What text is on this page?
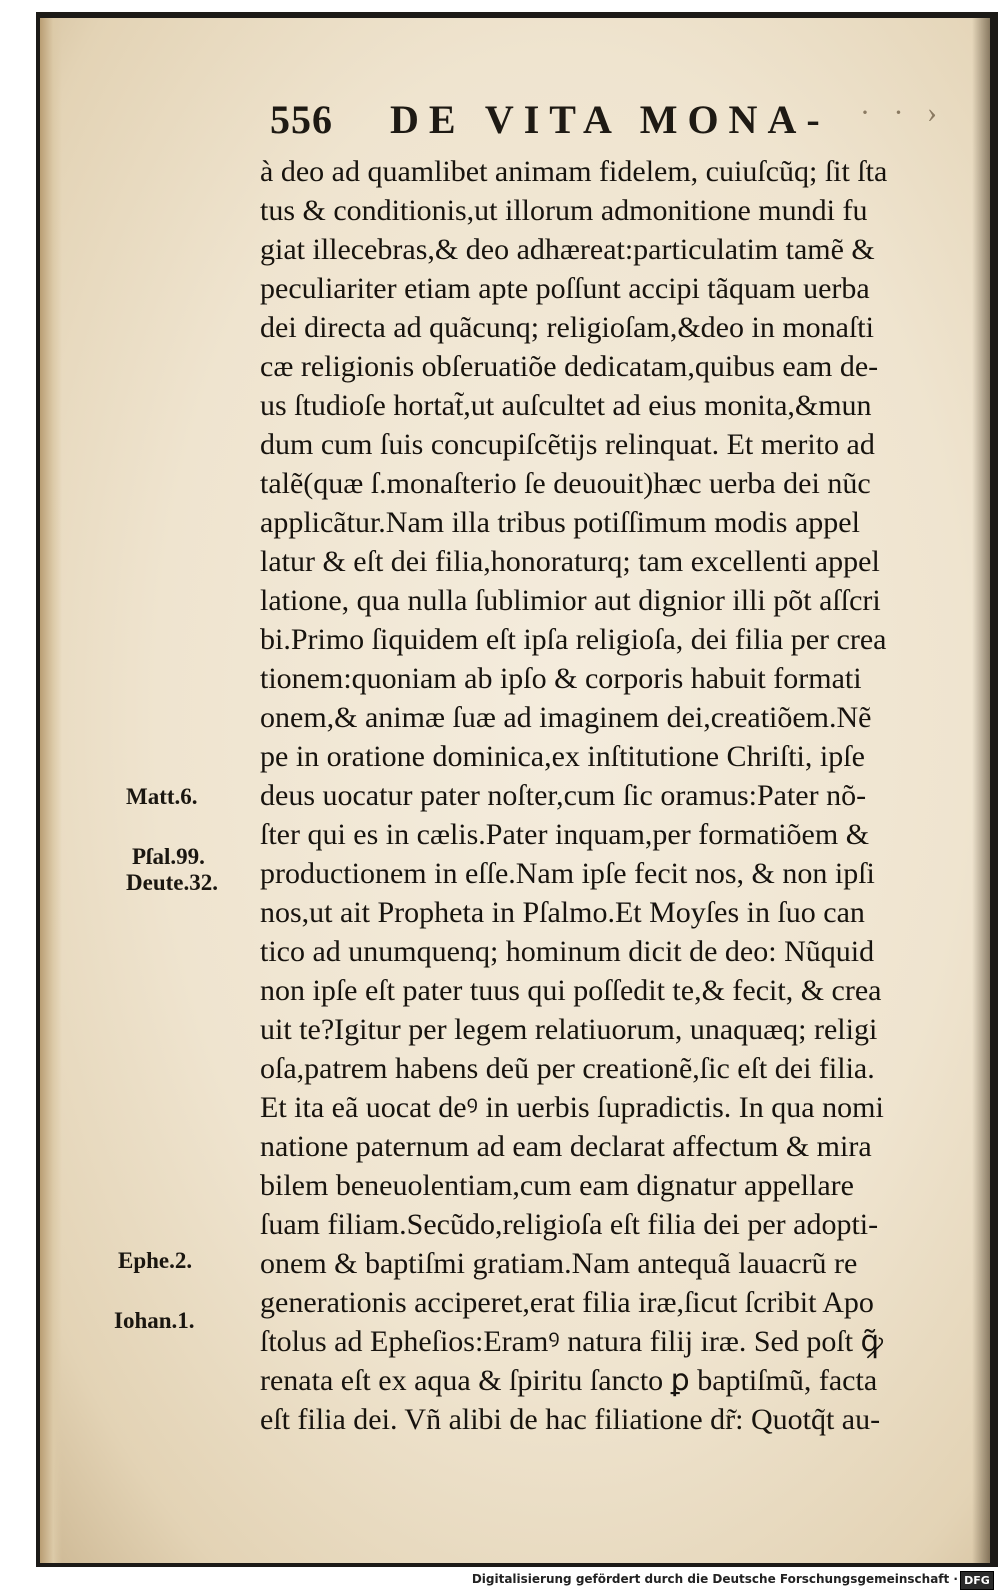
556 DE VITA MONA- · · ›
Matt.6.
Pſal.99.
Deute.32.
Ephe.2.
Iohan.1.
à deo ad quamlibet animam fidelem, cuiuſcũq; ſit ſta
tus & conditionis,ut illorum admonitione mundi fu
giat illecebras,& deo adhæreat:particulatim tamẽ &
peculiariter etiam apte poſſunt accipi tãquam uerba
dei directa ad quãcunq; religioſam,&deo in monaſti
cæ religionis obſeruatiõe dedicatam,quibus eam de-
us ſtudioſe hortat̃,ut auſcultet ad eius monita,&mun
dum cum ſuis concupiſcẽtijs relinquat. Et merito ad
talẽ(quæ ſ.monaſterio ſe deuouit)hæc uerba dei nũc
applicãtur.Nam illa tribus potiſſimum modis appel
latur & eſt dei filia,honoraturq; tam excellenti appel
latione, qua nulla ſublimior aut dignior illi põt aſſcri
bi.Primo ſiquidem eſt ipſa religioſa, dei filia per crea
tionem:quoniam ab ipſo & corporis habuit formati
onem,& animæ ſuæ ad imaginem dei,creatiõem.Nẽ
pe in oratione dominica,ex inſtitutione Chriſti, ipſe
deus uocatur pater noſter,cum ſic oramus:Pater nõ-
ſter qui es in cælis.Pater inquam,per formatiõem &
productionem in eſſe.Nam ipſe fecit nos, & non ipſi
nos,ut ait Propheta in Pſalmo.Et Moyſes in ſuo can
tico ad unumquenq; hominum dicit de deo: Nũquid
non ipſe eſt pater tuus qui poſſedit te,& fecit, & crea
uit te?Igitur per legem relatiuorum, unaquæq; religi
oſa,patrem habens deũ per creationẽ,ſic eſt dei filia.
Et ita eã uocat deꝰ in uerbis ſupradictis. In qua nomi
natione paternum ad eam declarat affectum & mira
bilem beneuolentiam,cum eam dignatur appellare
ſuam filiam.Secũdo,religioſa eſt filia dei per adopti-
onem & baptiſmi gratiam.Nam antequã lauacrũ re
generationis acciperet,erat filia iræ,ſicut ſcribit Apo
ſtolus ad Epheſios:Eramꝰ natura filij iræ. Sed poſt ꝙ̃
renata eſt ex aqua & ſpiritu ſancto ꝑ baptiſmũ, facta
eſt filia dei. Vñ alibi de hac filiatione dr̃: Quotq̃t au-
Digitalisierung gefördert durch die Deutsche Forschungsgemeinschaft · DFG
